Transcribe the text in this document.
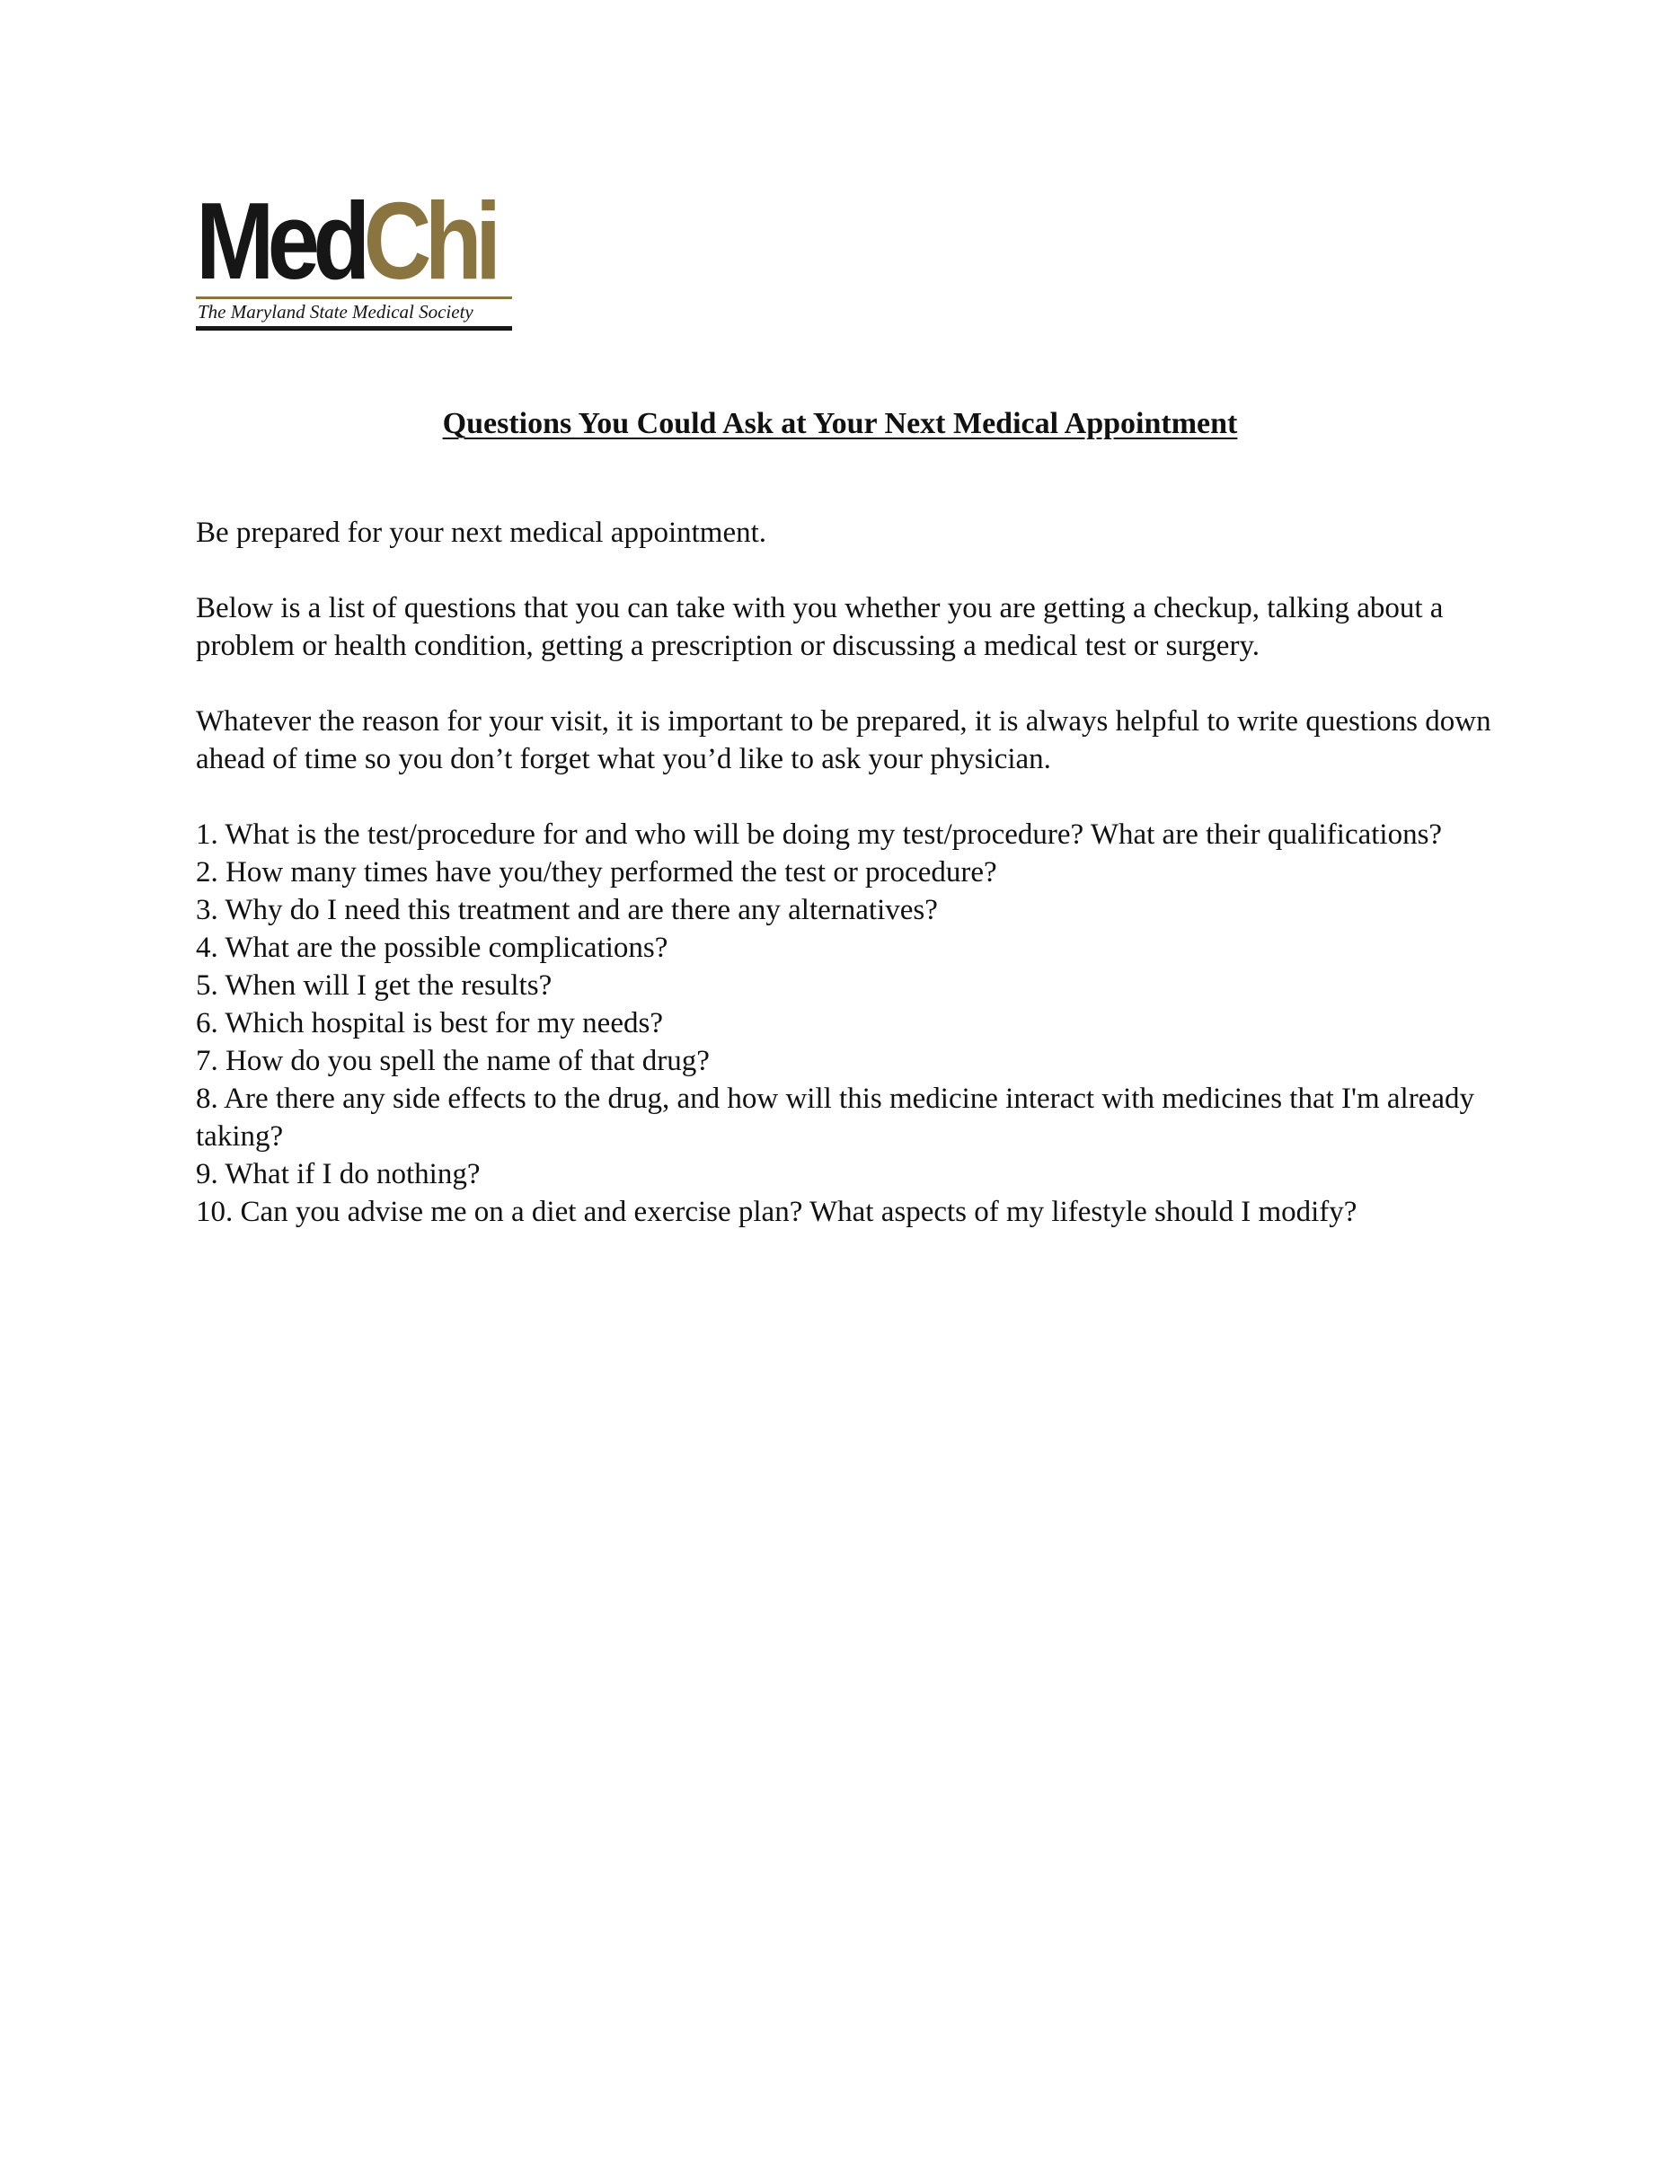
MedChi
The Maryland State Medical Society
Questions You Could Ask at Your Next Medical Appointment

Be prepared for your next medical appointment.

Below is a list of questions that you can take with you whether you are getting a checkup, talking about a problem or health condition, getting a prescription or discussing a medical test or surgery.

Whatever the reason for your visit, it is important to be prepared, it is always helpful to write questions down ahead of time so you don’t forget what you’d like to ask your physician.

1. What is the test/procedure for and who will be doing my test/procedure? What are their qualifications?
2. How many times have you/they performed the test or procedure?
3. Why do I need this treatment and are there any alternatives?
4. What are the possible complications?
5. When will I get the results?
6. Which hospital is best for my needs?
7. How do you spell the name of that drug?
8. Are there any side effects to the drug, and how will this medicine interact with medicines that I'm already taking?
9. What if I do nothing?
10. Can you advise me on a diet and exercise plan? What aspects of my lifestyle should I modify?
